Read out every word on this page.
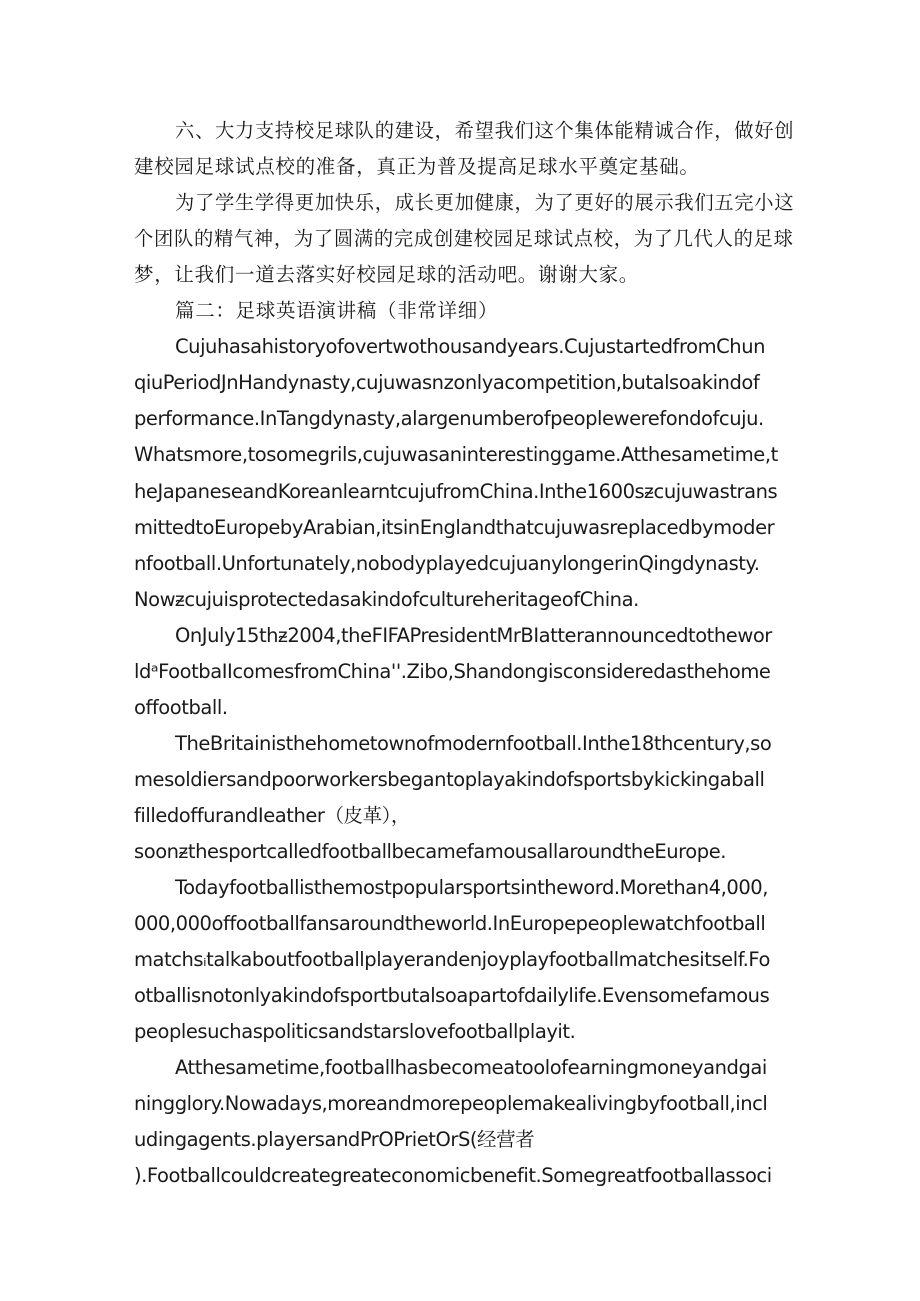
六、大力支持校足球队的建设，希望我们这个集体能精诚合作，做好创

建校园足球试点校的准备，真正为普及提高足球水平奠定基础。

为了学生学得更加快乐，成长更加健康，为了更好的展示我们五完小这

个团队的精气神，为了圆满的完成创建校园足球试点校，为了几代人的足球

梦，让我们一道去落实好校园足球的活动吧。谢谢大家。

篇二：足球英语演讲稿（非常详细）

Cujuhasahistoryofovertwothousandyears.CujustartedfromChun

qiuPeriodJnHandynasty,cujuwasnzonlyacompetition,butalsoakindof

performance.InTangdynasty,alargenumberofpeoplewerefondofcuju.

Whatsmore,tosomegrils,cujuwasaninterestinggame.Atthesametime,t

heJapaneseandKoreanlearntcujufromChina.Inthe1600sᵶcujuwastrans

mittedtoEuropebyArabian,itsinEnglandthatcujuwasreplacedbymoder

nfootball.Unfortunately,nobodyplayedcujuanylongerinQingdynasty.

NowᵶcujuisprotectedasakindofcultureheritageofChina.

OnJuly15thᵶ2004,theFIFAPresidentMrBIatterannouncedtothewor

ldᵃFootbaIIcomesfromChina''.Zibo,Shandongisconsideredasthehome

offootball.

TheBritainisthehometownofmodernfootball.Inthe18thcentury,so

mesoldiersandpoorworkersbegantoplayakindofsportsbykickingaball

filledoffurandIeather（皮革），

soonᵶthesportcalledfootballbecamefamousallaroundtheEurope.

Todayfootballisthemostpopularsportsintheword.Morethan4,000,

000,000offootballfansaroundtheworld.InEuropepeoplewatchfootball

matchsᵢtalkaboutfootballplayerandenjoyplayfootballmatchesitself.Fo

otballisnotonlyakindofsportbutalsoapartofdailylife.Evensomefamous

peoplesuchaspoliticsandstarslovefootballplayit.

Atthesametime,footballhasbecomeatoolofearningmoneyandgai

ningglory.Nowadays,moreandmorepeoplemakealivingbyfootball,incl

udingagents.playersandPrOPrietOrS(经营者

).Footballcouldcreategreateconomicbenefit.Somegreatfootballassoci
